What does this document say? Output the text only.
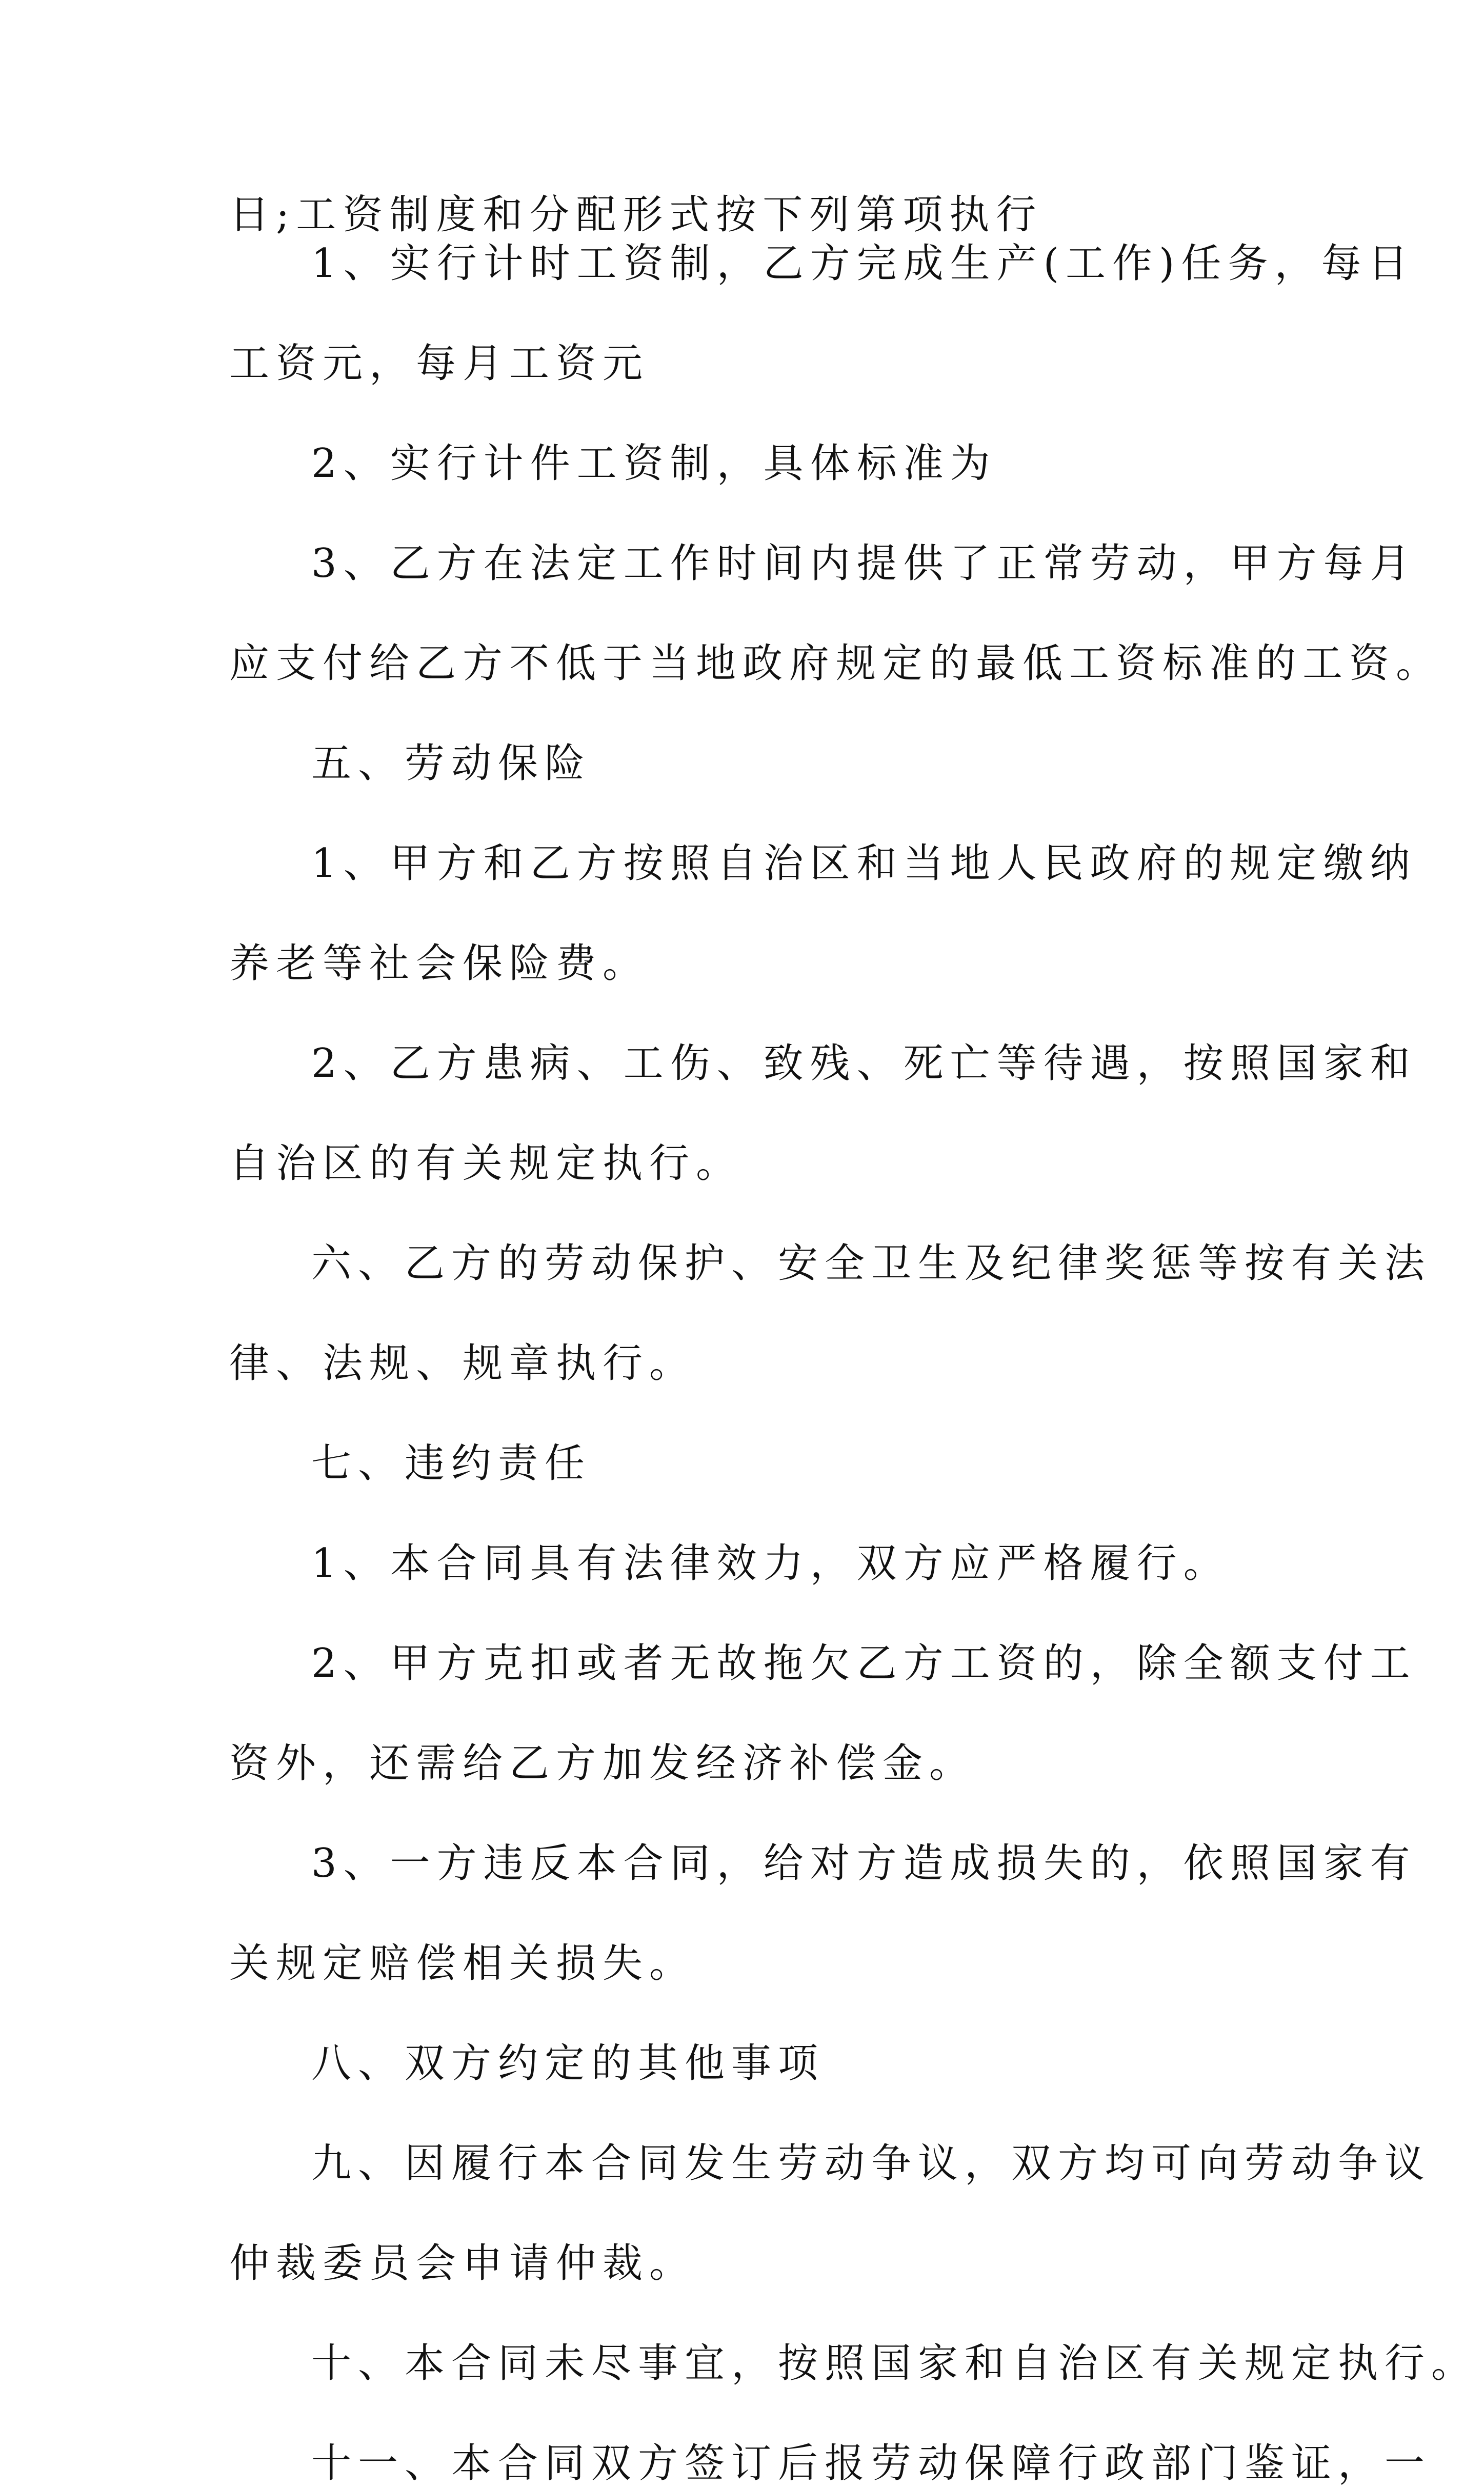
日;工资制度和分配形式按下列第项执行
1、实行计时工资制，乙方完成生产(工作)任务，每日
工资元，每月工资元
2、实行计件工资制，具体标准为
3、乙方在法定工作时间内提供了正常劳动，甲方每月
应支付给乙方不低于当地政府规定的最低工资标准的工资。
五、劳动保险
1、甲方和乙方按照自治区和当地人民政府的规定缴纳
养老等社会保险费。
2、乙方患病、工伤、致残、死亡等待遇，按照国家和
自治区的有关规定执行。
六、乙方的劳动保护、安全卫生及纪律奖惩等按有关法
律、法规、规章执行。
七、违约责任
1、本合同具有法律效力，双方应严格履行。
2、甲方克扣或者无故拖欠乙方工资的，除全额支付工
资外，还需给乙方加发经济补偿金。
3、一方违反本合同，给对方造成损失的，依照国家有
关规定赔偿相关损失。
八、双方约定的其他事项
九、因履行本合同发生劳动争议，双方均可向劳动争议
仲裁委员会申请仲裁。
十、本合同未尽事宜，按照国家和自治区有关规定执行。
十一、本合同双方签订后报劳动保障行政部门鉴证，一
